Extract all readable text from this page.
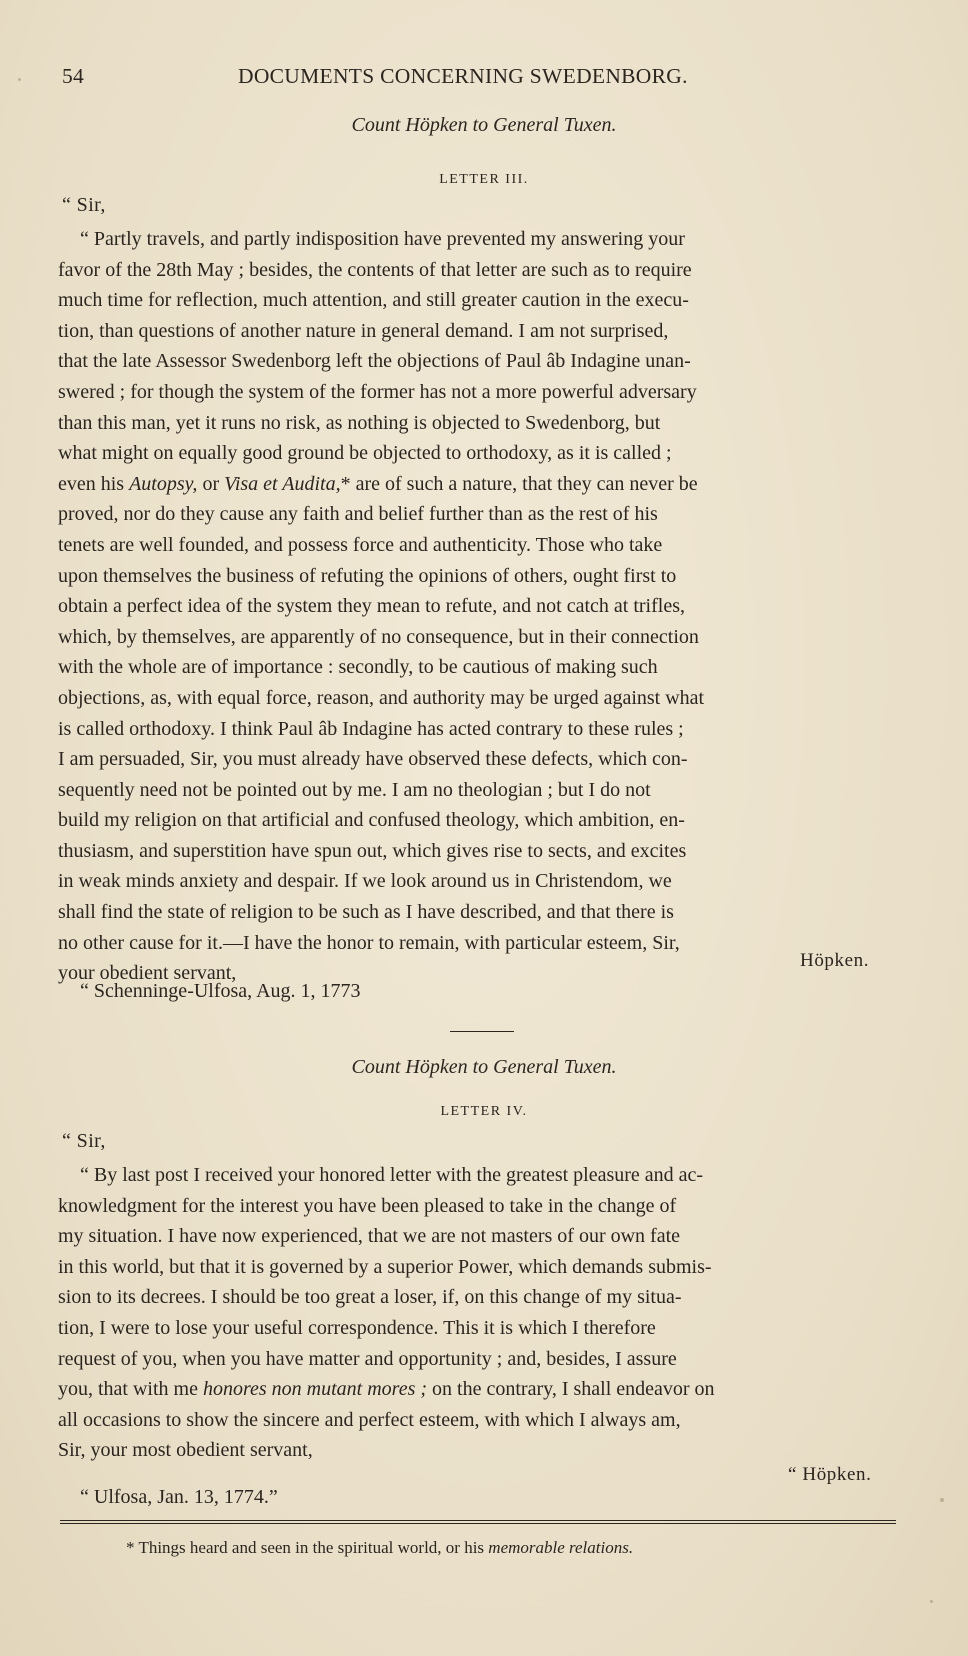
54	DOCUMENTS CONCERNING SWEDENBORG.
Count Höpken to General Tuxen.
LETTER III.
“ Sir,
“ Partly travels, and partly indisposition have prevented my answering your
favor of the 28th May ; besides, the contents of that letter are such as to require
much time for reflection, much attention, and still greater caution in the execu-
tion, than questions of another nature in general demand. I am not surprised,
that the late Assessor Swedenborg left the objections of Paul âb Indagine unan-
swered ; for though the system of the former has not a more powerful adversary
than this man, yet it runs no risk, as nothing is objected to Swedenborg, but
what might on equally good ground be objected to orthodoxy, as it is called ;
even his Autopsy, or Visa et Audita,* are of such a nature, that they can never be
proved, nor do they cause any faith and belief further than as the rest of his
tenets are well founded, and possess force and authenticity. Those who take
upon themselves the business of refuting the opinions of others, ought first to
obtain a perfect idea of the system they mean to refute, and not catch at trifles,
which, by themselves, are apparently of no consequence, but in their connection
with the whole are of importance : secondly, to be cautious of making such
objections, as, with equal force, reason, and authority may be urged against what
is called orthodoxy. I think Paul âb Indagine has acted contrary to these rules ;
I am persuaded, Sir, you must already have observed these defects, which con-
sequently need not be pointed out by me. I am no theologian ; but I do not
build my religion on that artificial and confused theology, which ambition, en-
thusiasm, and superstition have spun out, which gives rise to sects, and excites
in weak minds anxiety and despair. If we look around us in Christendom, we
shall find the state of religion to be such as I have described, and that there is
no other cause for it.—I have the honor to remain, with particular esteem, Sir,
your obedient servant,
Höpken.
“ Schenninge-Ulfosa, Aug. 1, 1773
Count Höpken to General Tuxen.
LETTER IV.
“ Sir,
“ By last post I received your honored letter with the greatest pleasure and ac-
knowledgment for the interest you have been pleased to take in the change of
my situation. I have now experienced, that we are not masters of our own fate
in this world, but that it is governed by a superior Power, which demands submis-
sion to its decrees. I should be too great a loser, if, on this change of my situa-
tion, I were to lose your useful correspondence. This it is which I therefore
request of you, when you have matter and opportunity ; and, besides, I assure
you, that with me honores non mutant mores ; on the contrary, I shall endeavor on
all occasions to show the sincere and perfect esteem, with which I always am,
Sir, your most obedient servant,
“ Höpken.
“ Ulfosa, Jan. 13, 1774.”
* Things heard and seen in the spiritual world, or his memorable relations.
